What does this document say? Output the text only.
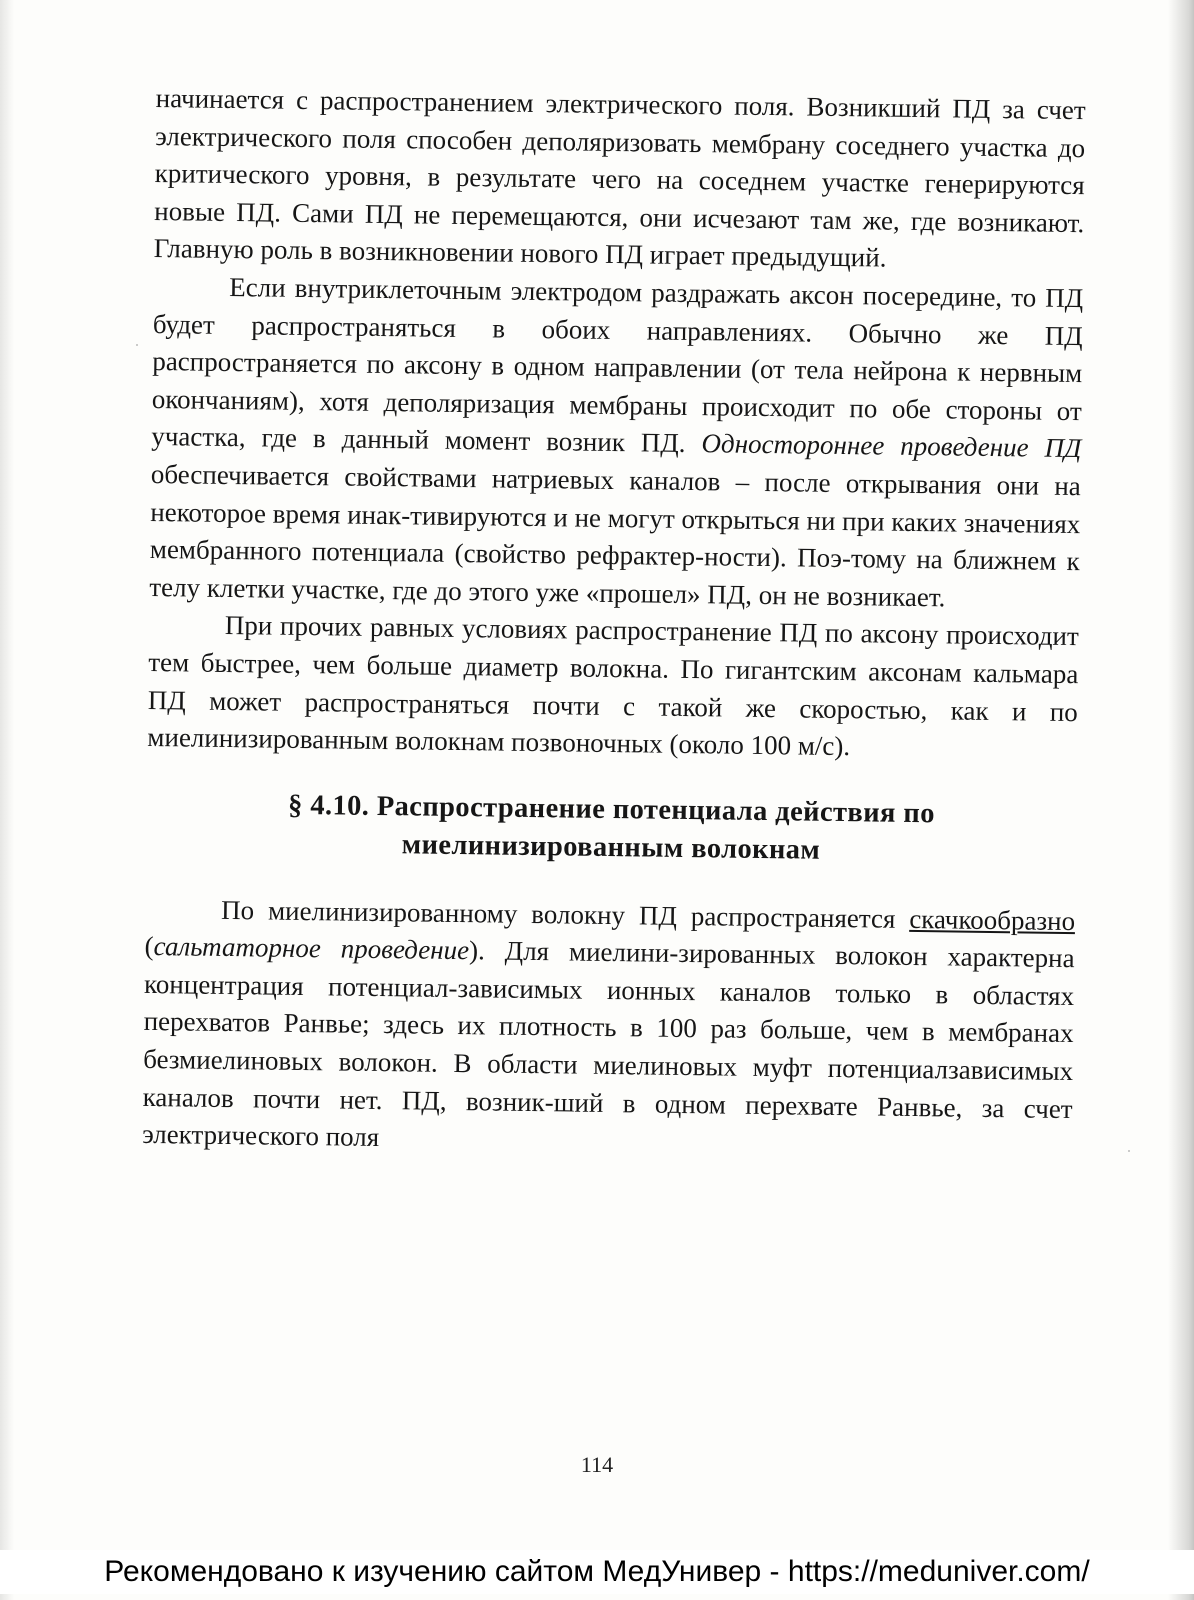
начинается с распространением электрического поля. Возникший ПД за счет электрического поля способен деполяризовать мембрану соседнего участка до критического уровня, в результате чего на соседнем участке генерируются новые ПД. Сами ПД не перемещаются, они исчезают там же, где возникают. Главную роль в возникновении нового ПД играет предыдущий.

Если внутриклеточным электродом раздражать аксон посередине, то ПД будет распространяться в обоих направлениях. Обычно же ПД распространяется по аксону в одном направлении (от тела нейрона к нервным окончаниям), хотя деполяризация мембраны происходит по обе стороны от участка, где в данный момент возник ПД. Одностороннее проведение ПД обеспечивается свойствами натриевых каналов – после открывания они на некоторое время инак-тивируются и не могут открыться ни при каких значениях мембранного потенциала (свойство рефрактер-ности). Поэ-тому на ближнем к телу клетки участке, где до этого уже «прошел» ПД, он не возникает.

При прочих равных условиях распространение ПД по аксону происходит тем быстрее, чем больше диаметр волокна. По гигантским аксонам кальмара ПД может распространяться почти с такой же скоростью, как и по миелинизированным волокнам позвоночных (около 100 м/с).

§ 4.10. Распространение потенциала действия по
миелинизированным волокнам

По миелинизированному волокну ПД распространяется скачкообразно (сальтаторное проведение). Для миелини-зированных волокон характерна концентрация потенциал-зависимых ионных каналов только в областях перехватов Ранвье; здесь их плотность в 100 раз больше, чем в мембранах безмиелиновых волокон. В области миелиновых муфт потенциалзависимых каналов почти нет. ПД, возник-ший в одном перехвате Ранвье, за счет электрического поля

114
Рекомендовано к изучению сайтом МедУнивер - https://meduniver.com/
